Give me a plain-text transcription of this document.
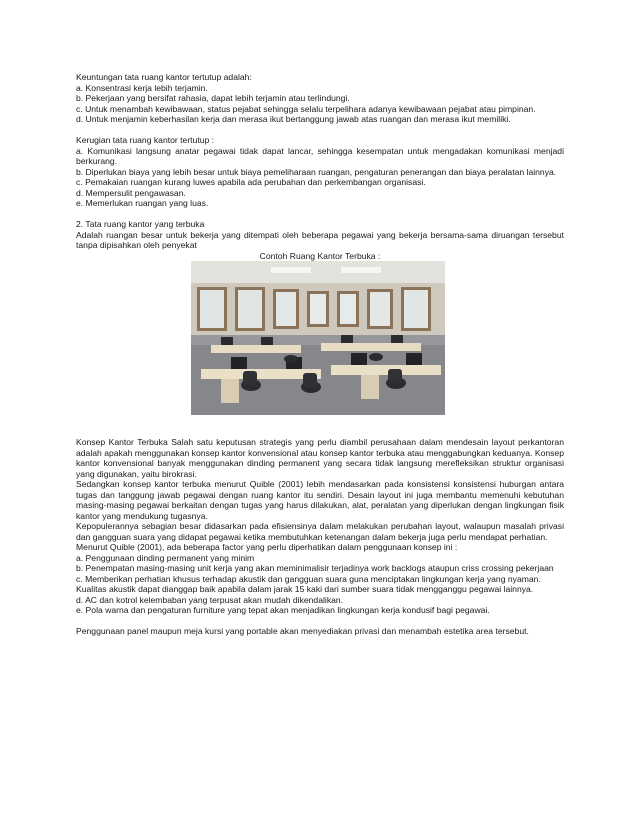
Keuntungan tata ruang kantor tertutup adalah:

a. Konsentrasi kerja lebih terjamin.

b. Pekerjaan yang bersifat rahasia, dapat lebih terjamin atau terlindungi.

c. Untuk menambah kewibawaan, status pejabat sehingga selalu terpelihara adanya kewibawaan pejabat atau pimpinan.

d. Untuk menjamin keberhasilan kerja dan merasa ikut bertanggung jawab atas ruangan dan merasa ikut memiliki.

Kerugian tata ruang kantor tertutup :

a. Komunikasi langsung anatar pegawai tidak dapat lancar, sehingga kesempatan untuk mengadakan komunikasi menjadi berkurang.

b. Diperlukan biaya yang lebih besar untuk biaya pemeliharaan ruangan, pengaturan penerangan dan biaya peralatan lainnya.

c. Pemakaian ruangan kurang luwes apabila ada perubahan dan perkembangan organisasi.

d. Mempersulit pengawasan.

e. Memerlukan ruangan yang luas.

2. Tata ruang kantor yang terbuka

Adalah ruangan besar untuk bekerja yang ditempati oleh beberapa pegawai yang bekerja bersama-sama diruangan tersebut tanpa dipisahkan oleh penyekat

Contoh Ruang Kantor Terbuka :

Konsep Kantor Terbuka Salah satu keputusan strategis yang perlu diambil perusahaan dalam mendesain layout perkantoran adalah apakah menggunakan konsep kantor konvensional atau konsep kantor terbuka atau menggabungkan keduanya. Konsep kantor konvensional banyak menggunakan dinding permanent yang secara tidak langsung merefleksikan struktur organisasi yang digunakan, yaitu birokrasi.

Sedangkan konsep kantor terbuka menurut Quible (2001) lebih mendasarkan pada konsistensi konsistensi huburgan antara tugas dan tanggung jawab pegawai dengan ruang kantor itu sendiri. Desain layout ini juga membantu memenuhi kebutuhan masing-masing pegawai berkaitan dengan tugas yang harus dilakukan, alat, peralatan yang diperlukan dengan lingkungan fisik kantor yang mendukung tugasnya.

Kepopulerannya sebagian besar didasarkan pada efisiensinya dalam melakukan perubahan layout, walaupun masalah privasi dan gangguan suara yang didapat pegawai ketika membutuhkan ketenangan dalam bekerja juga perlu mendapat perhatian.

Menurut Quible (2001), ada beberapa factor yang perlu diperhatikan dalam penggunaan konsep ini :

a. Penggunaan dinding permanent yang minim

b. Penempatan masing-masing unit kerja yang akan meminimalisir terjadinya work backlogs ataupun criss crossing pekerjaan

c. Memberikan perhatian khusus terhadap akustik dan gangguan suara guna menciptakan lingkungan kerja yang nyaman.

Kualitas akustik dapat dianggap baik apabila dalam jarak 15 kaki dari sumber suara tidak mengganggu pegawai lainnya.

d. AC dan kotrol kelembaban yang terpusat akan mudah dikendalikan.

e. Pola warna dan pengaturan furniture yang tepat akan menjadikan lingkungan kerja kondusif bagi pegawai.

Penggunaan panel maupun meja kursi yang portable akan menyediakan privasi dan menambah estetika area tersebut.
